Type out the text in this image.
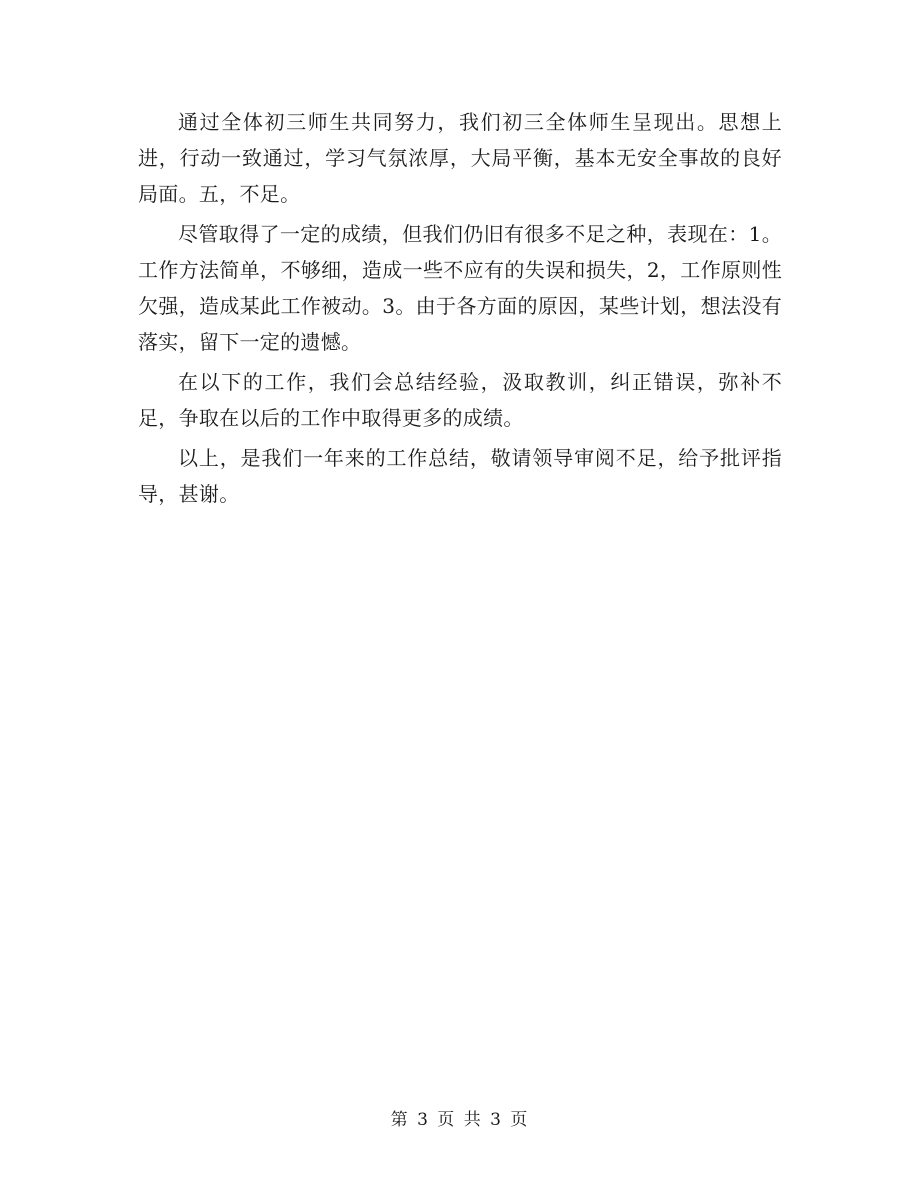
通过全体初三师生共同努力，我们初三全体师生呈现出。思想上进，行动一致通过，学习气氛浓厚，大局平衡，基本无安全事故的良好局面。五，不足。

尽管取得了一定的成绩，但我们仍旧有很多不足之种，表现在：1。工作方法简单，不够细，造成一些不应有的失误和损失，2，工作原则性欠强，造成某此工作被动。3。由于各方面的原因，某些计划，想法没有落实，留下一定的遗憾。

在以下的工作，我们会总结经验，汲取教训，纠正错误，弥补不足，争取在以后的工作中取得更多的成绩。

以上，是我们一年来的工作总结，敬请领导审阅不足，给予批评指导，甚谢。

第 3 页 共 3 页
